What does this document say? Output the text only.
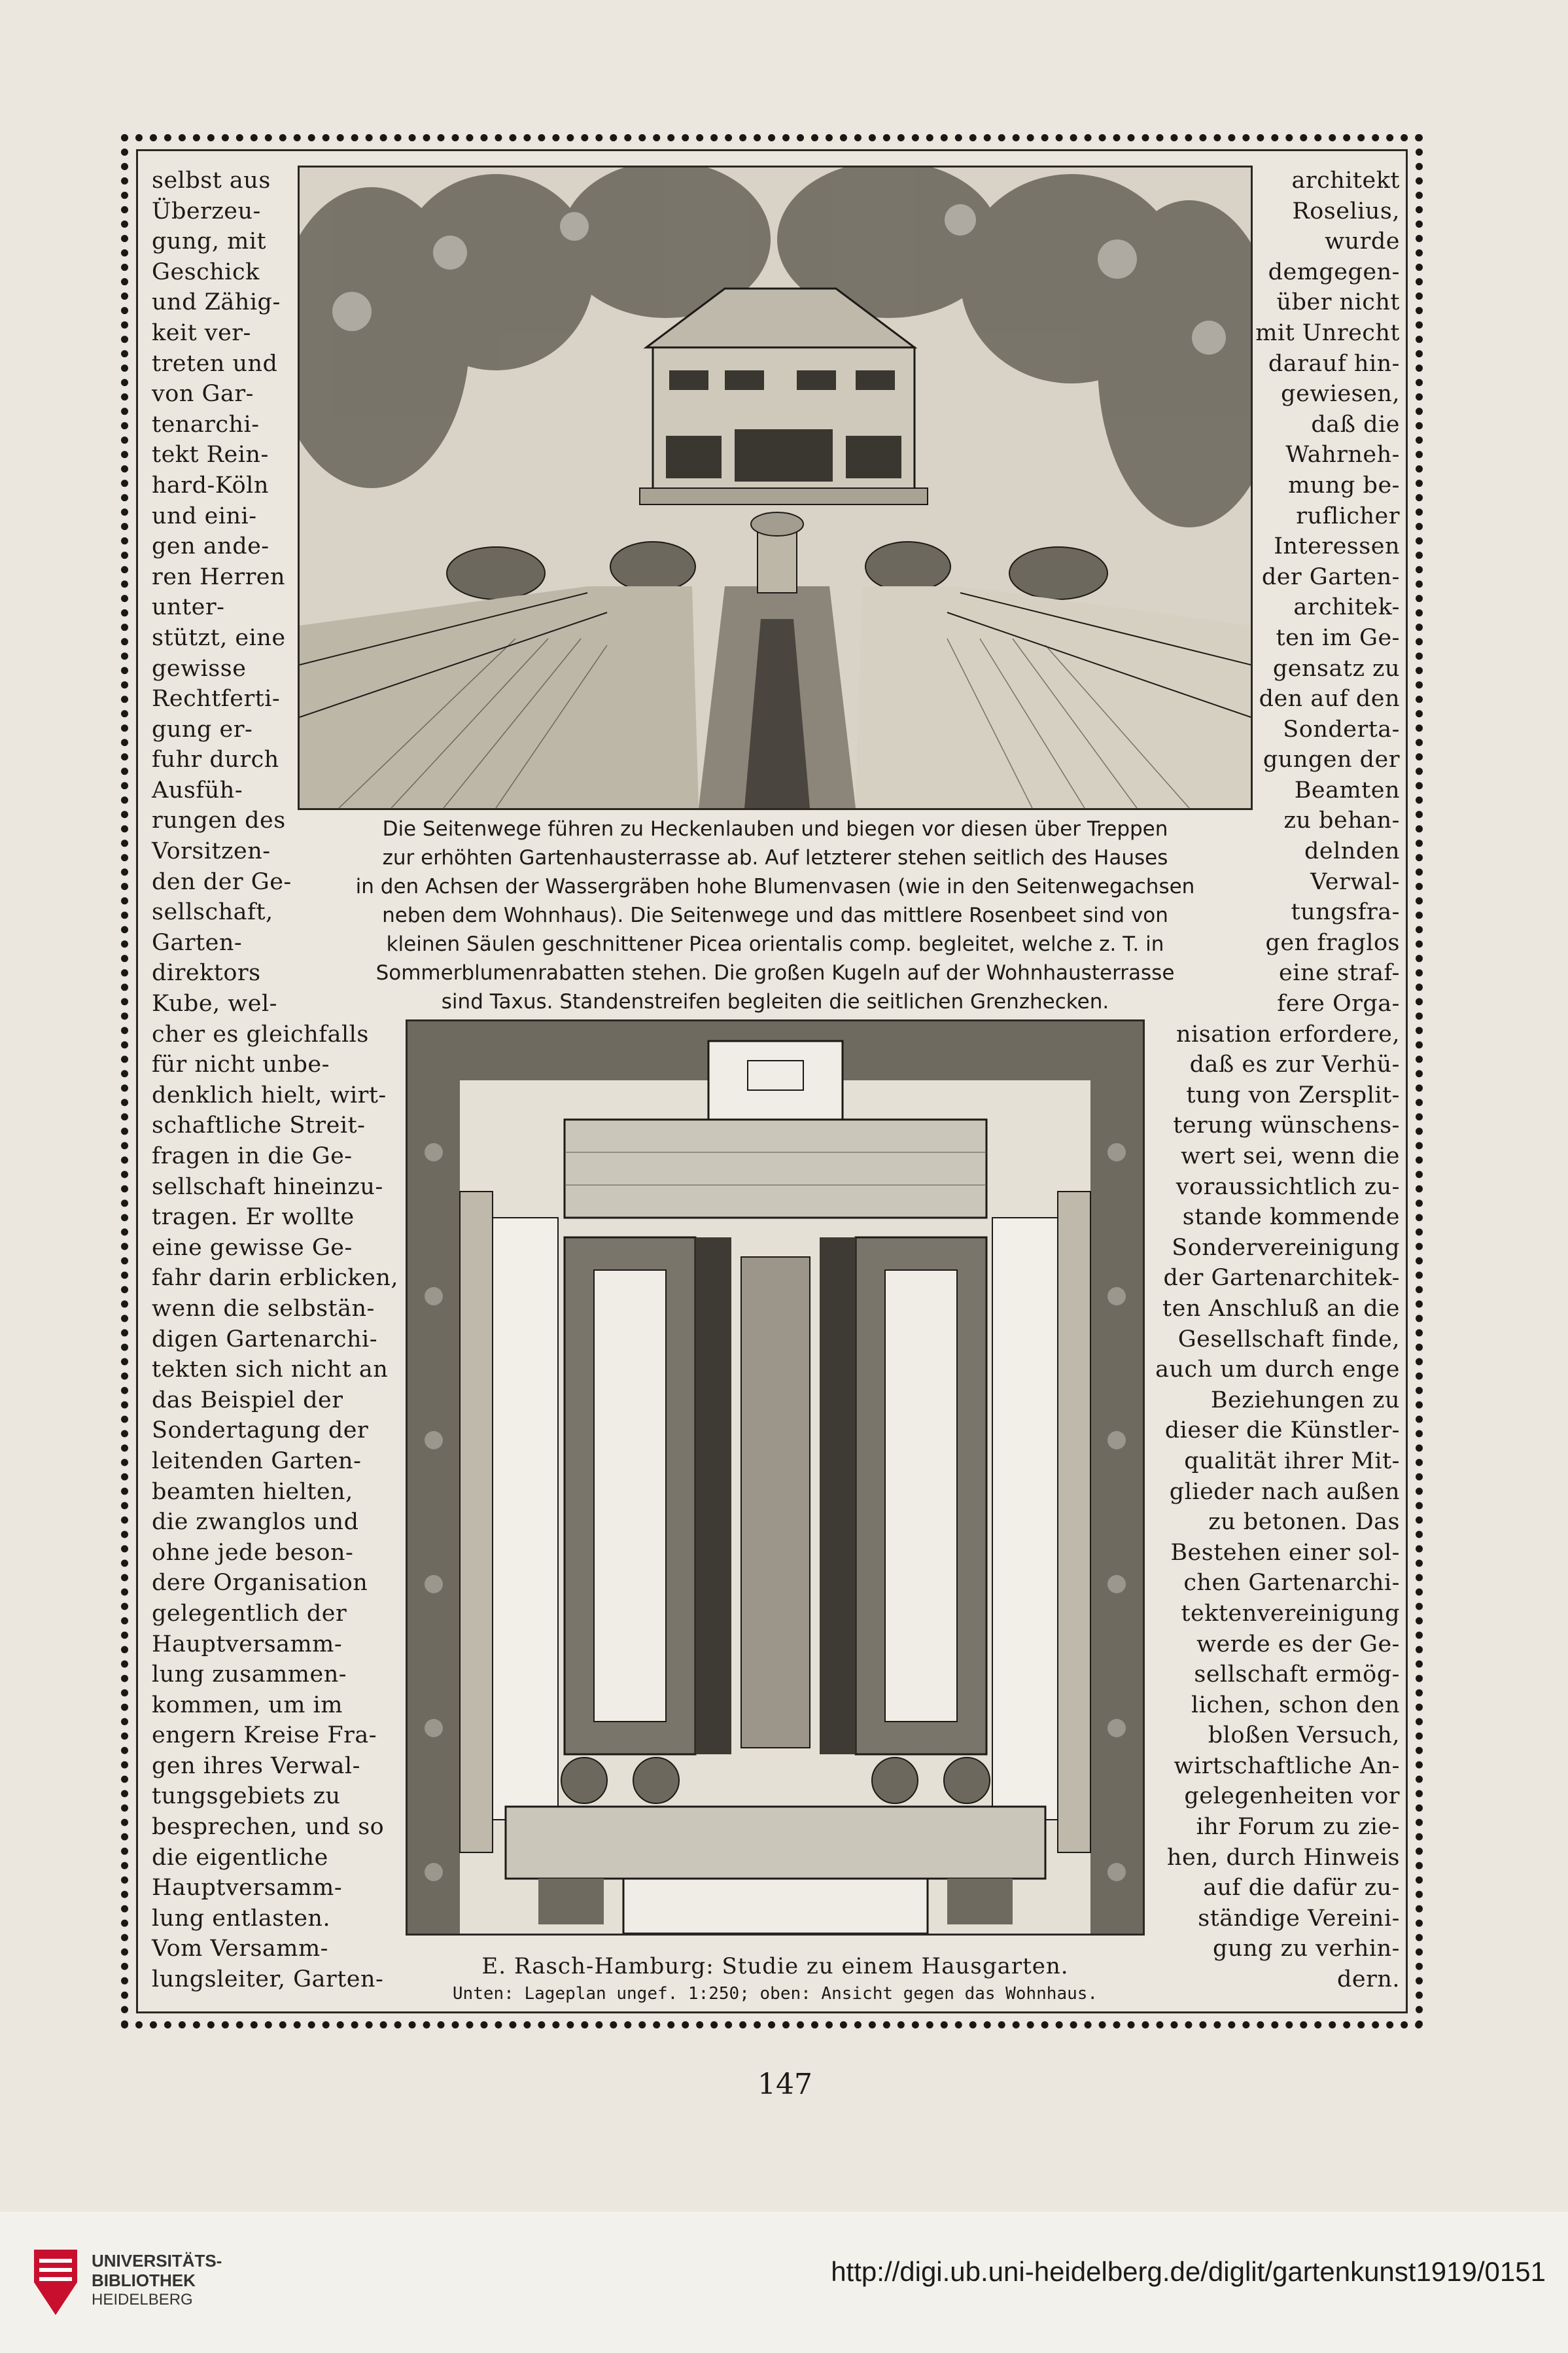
selbst aus
Überzeu-
gung, mit
Geschick
und Zähig-
keit ver-
treten und
von Gar-
tenarchi-
tekt Rein-
hard-Köln
und eini-
gen ande-
ren Herren
unter-
stützt, eine
gewisse
Rechtferti-
gung er-
fuhr durch
Ausfüh-
rungen des
Vorsitzen-
den der Ge-
sellschaft,
Garten-
direktors
Kube, wel-
cher es gleichfalls
für nicht unbe-
denklich hielt, wirt-
schaftliche Streit-
fragen in die Ge-
sellschaft hineinzu-
tragen. Er wollte
eine gewisse Ge-
fahr darin erblicken,
wenn die selbstän-
digen Gartenarchi-
tekten sich nicht an
das Beispiel der
Sondertagung der
leitenden Garten-
beamten hielten,
die zwanglos und
ohne jede beson-
dere Organisation
gelegentlich der
Hauptversamm-
lung zusammen-
kommen, um im
engern Kreise Fra-
gen ihres Verwal-
tungsgebiets zu
besprechen, und so
die eigentliche
Hauptversamm-
lung entlasten.
Vom Versamm-
lungsleiter, Garten-
architekt
Roselius,
wurde
demgegen-
über nicht
mit Unrecht
darauf hin-
gewiesen,
daß die
Wahrneh-
mung be-
ruflicher
Interessen
der Garten-
architek-
ten im Ge-
gensatz zu
den auf den
Sonderta-
gungen der
Beamten
zu behan-
delnden
Verwal-
tungsfra-
gen fraglos
eine straf-
fere Orga-
nisation erfordere,
daß es zur Verhü-
tung von Zersplit-
terung wünschens-
wert sei, wenn die
voraussichtlich zu-
stande kommende
Sondervereinigung
der Gartenarchitek-
ten Anschluß an die
Gesellschaft finde,
auch um durch enge
Beziehungen zu
dieser die Künstler-
qualität ihrer Mit-
glieder nach außen
zu betonen. Das
Bestehen einer sol-
chen Gartenarchi-
tektenvereinigung
werde es der Ge-
sellschaft ermög-
lichen, schon den
bloßen Versuch,
wirtschaftliche An-
gelegenheiten vor
ihr Forum zu zie-
hen, durch Hinweis
auf die dafür zu-
ständige Vereini-
gung zu verhin-
dern.
Die Seitenwege führen zu Heckenlauben und biegen vor diesen über Treppen
zur erhöhten Gartenhausterrasse ab. Auf letzterer stehen seitlich des Hauses
in den Achsen der Wassergräben hohe Blumenvasen (wie in den Seitenwegachsen
neben dem Wohnhaus). Die Seitenwege und das mittlere Rosenbeet sind von
kleinen Säulen geschnittener Picea orientalis comp. begleitet, welche z. T. in
Sommerblumenrabatten stehen. Die großen Kugeln auf der Wohnhausterrasse
sind Taxus. Standenstreifen begleiten die seitlichen Grenzhecken.
E. Rasch-Hamburg: Studie zu einem Hausgarten.
Unten: Lageplan ungef. 1:250; oben: Ansicht gegen das Wohnhaus.
147
UNIVERSITÄTS-
BIBLIOTHEK
HEIDELBERG
http://digi.ub.uni-heidelberg.de/diglit/gartenkunst1919/0151
